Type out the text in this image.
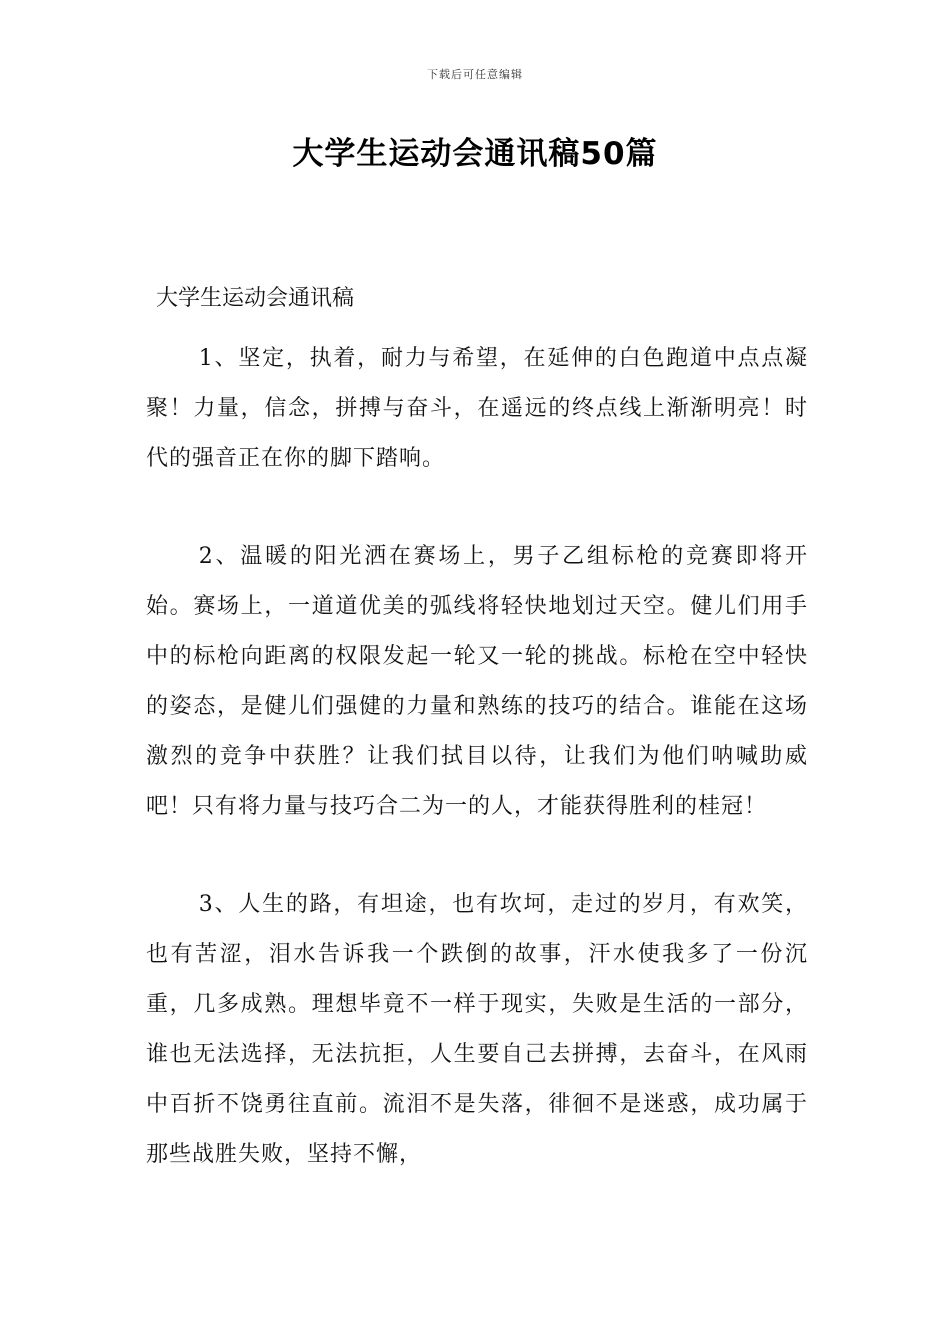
下载后可任意编辑
大学生运动会通讯稿50篇

大学生运动会通讯稿

1、坚定，执着，耐力与希望，在延伸的白色跑道中点点凝聚！力量，信念，拼搏与奋斗，在遥远的终点线上渐渐明亮！时代的强音正在你的脚下踏响。

2、温暖的阳光洒在赛场上，男子乙组标枪的竞赛即将开始。赛场上，一道道优美的弧线将轻快地划过天空。健儿们用手中的标枪向距离的权限发起一轮又一轮的挑战。标枪在空中轻快的姿态，是健儿们强健的力量和熟练的技巧的结合。谁能在这场激烈的竞争中获胜？让我们拭目以待，让我们为他们呐喊助威吧！只有将力量与技巧合二为一的人，才能获得胜利的桂冠！

3、人生的路，有坦途，也有坎坷，走过的岁月，有欢笑，也有苦涩，泪水告诉我一个跌倒的故事，汗水使我多了一份沉重，几多成熟。理想毕竟不一样于现实，失败是生活的一部分，谁也无法选择，无法抗拒，人生要自己去拼搏，去奋斗，在风雨中百折不饶勇往直前。流泪不是失落，徘徊不是迷惑，成功属于那些战胜失败，坚持不懈，
